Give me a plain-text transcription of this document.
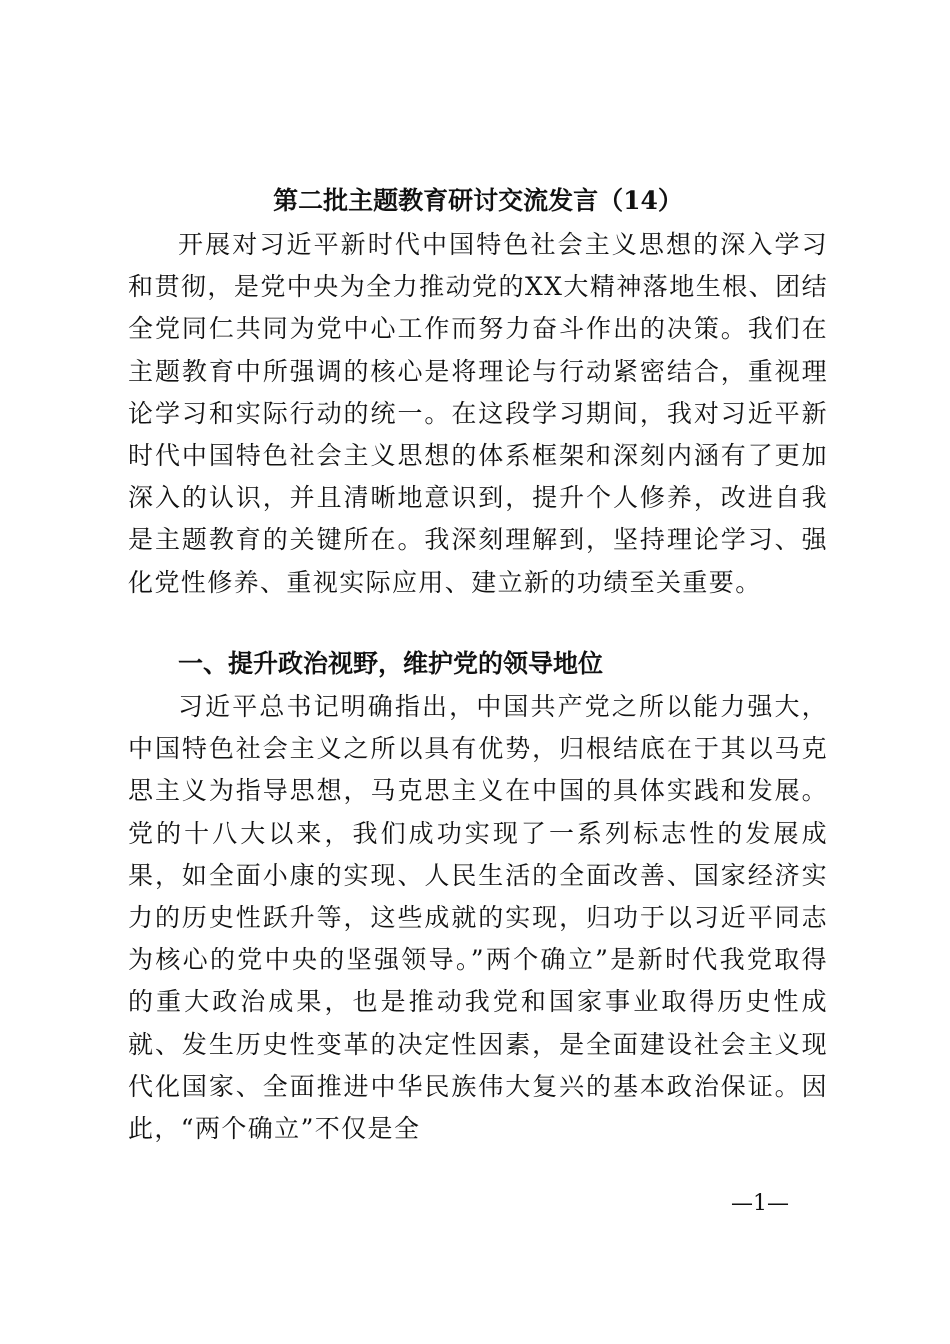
第二批主题教育研讨交流发言（14）

开展对习近平新时代中国特色社会主义思想的深入学习和贯彻，是党中央为全力推动党的XX大精神落地生根、团结全党同仁共同为党中心工作而努力奋斗作出的决策。我们在主题教育中所强调的核心是将理论与行动紧密结合，重视理论学习和实际行动的统一。在这段学习期间，我对习近平新时代中国特色社会主义思想的体系框架和深刻内涵有了更加深入的认识，并且清晰地意识到，提升个人修养，改进自我是主题教育的关键所在。我深刻理解到，坚持理论学习、强化党性修养、重视实际应用、建立新的功绩至关重要。

一、提升政治视野，维护党的领导地位

习近平总书记明确指出，中国共产党之所以能力强大，中国特色社会主义之所以具有优势，归根结底在于其以马克思主义为指导思想，马克思主义在中国的具体实践和发展。党的十八大以来，我们成功实现了一系列标志性的发展成果，如全面小康的实现、人民生活的全面改善、国家经济实力的历史性跃升等，这些成就的实现，归功于以习近平同志为核心的党中央的坚强领导。”两个确立”是新时代我党取得的重大政治成果，也是推动我党和国家事业取得历史性成就、发生历史性变革的决定性因素，是全面建设社会主义现代化国家、全面推进中华民族伟大复兴的基本政治保证。因此，“两个确立”不仅是全

—1—
